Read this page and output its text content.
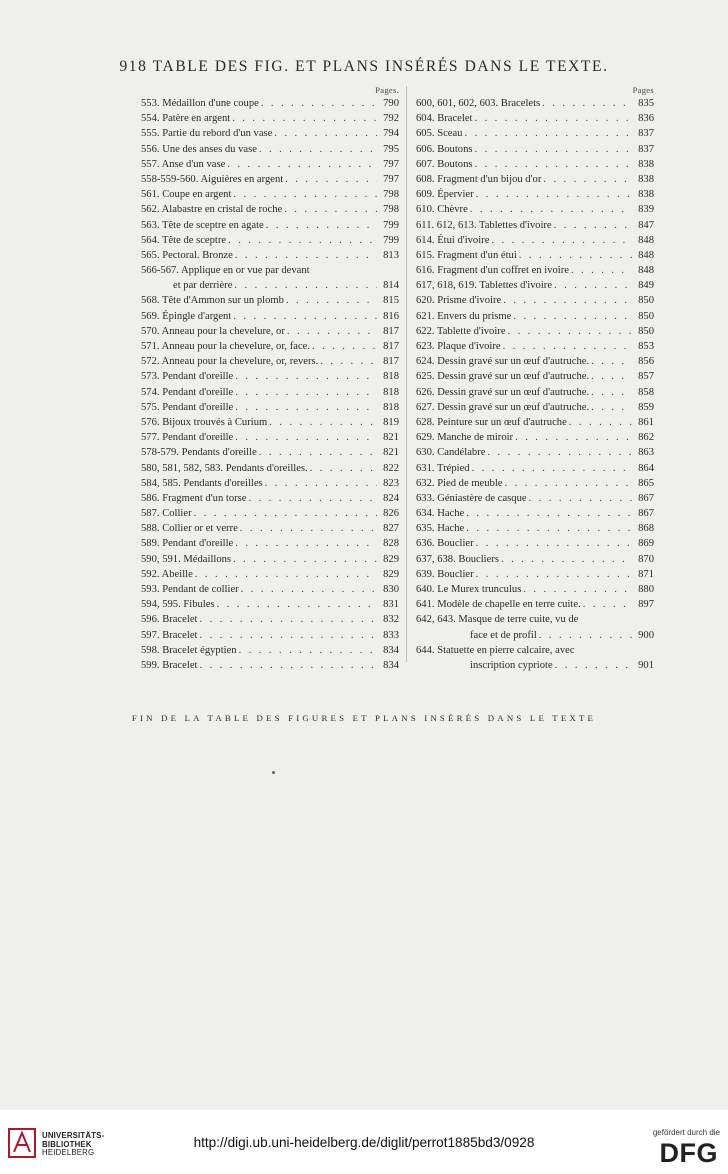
918 TABLE DES FIG. ET PLANS INSÉRÉS DANS LE TEXTE.
Pages.
553. Médaillon d'une coupe . . .	790
554. Patère en argent . . .	792
555. Partie du rebord d'un vase . . .	794
556. Une des anses du vase . . .	795
557. Anse d'un vase . . .	797
558-559-560. Aiguières en argent . . .	797
561. Coupe en argent . . .	798
562. Alabastre en cristal de roche . . .	798
563. Tête de sceptre en agate . . .	799
564. Tête de sceptre . . .	799
565. Pectoral. Bronze . . .	813
566-567. Applique en or vue par devant
et par derrière . . .	814
568. Tête d'Ammon sur un plomb . . .	815
569. Épingle d'argent . . .	816
570. Anneau pour la chevelure, or . . .	817
571. Anneau pour la chevelure, or, face. . . .	817
572. Anneau pour la chevelure, or, revers. . . .	817
573. Pendant d'oreille . . .	818
574. Pendant d'oreille . . .	818
575. Pendant d'oreille . . .	818
576. Bijoux trouvés à Curium . . .	819
577. Pendant d'oreille . . .	821
578-579. Pendants d'oreille . . .	821
580, 581, 582, 583. Pendants d'oreilles. . . .	822
584, 585. Pendants d'oreilles . . .	823
586. Fragment d'un torse . . .	824
587. Collier . . .	826
588. Collier or et verre . . .	827
589. Pendant d'oreille . . .	828
590, 591. Médaillons . . .	829
592. Abeille . . .	829
593. Pendant de collier . . .	830
594, 595. Fibules . . .	831
596. Bracelet . . .	832
597. Bracelet . . .	833
598. Bracelet égyptien . . .	834
599. Bracelet . . .	834
Pages
600, 601, 602, 603. Bracelets . . .	835
604. Bracelet . . .	836
605. Sceau . . .	837
606. Boutons . . .	837
607. Boutons . . .	838
608. Fragment d'un bijou d'or . . .	838
609. Épervier . . .	838
610. Chèvre . . .	839
611. 612, 613. Tablettes d'ivoire . . .	847
614. Étui d'ivoire . . .	848
615. Fragment d'un étui . . .	848
616. Fragment d'un coffret en ivoire . . .	848
617, 618, 619. Tablettes d'ivoire . . .	849
620. Prisme d'ivoire . . .	850
621. Envers du prisme . . .	850
622. Tablette d'ivoire . . .	850
623. Plaque d'ivoire . . .	853
624. Dessin gravé sur un œuf d'autruche. . . .	856
625. Dessin gravé sur un œuf d'autruche. . . .	857
626. Dessin gravé sur un œuf d'autruche. . . .	858
627. Dessin gravé sur un œuf d'autruche. . . .	859
628. Peinture sur un œuf d'autruche . . .	861
629. Manche de miroir . . .	862
630. Candélabre . . .	863
631. Trépied . . .	864
632. Pied de meuble . . .	865
633. Géniastère de casque . . .	867
634. Hache . . .	867
635. Hache . . .	868
636. Bouclier . . .	869
637, 638. Boucliers . . .	870
639. Bouclier . . .	871
640. Le Murex trunculus . . .	880
641. Modèle de chapelle en terre cuite. . . .	897
642, 643. Masque de terre cuite, vu de
face et de profil . . .	900
644. Statuette en pierre calcaire, avec
inscription cypriote . . .	901
FIN DE LA TABLE DES FIGURES ET PLANS INSÉRÉS DANS LE TEXTE
UNIVERSITÄTS-
BIBLIOTHEK
HEIDELBERG
http://digi.ub.uni-heidelberg.de/diglit/perrot1885bd3/0928
gefördert durch die
DFG
